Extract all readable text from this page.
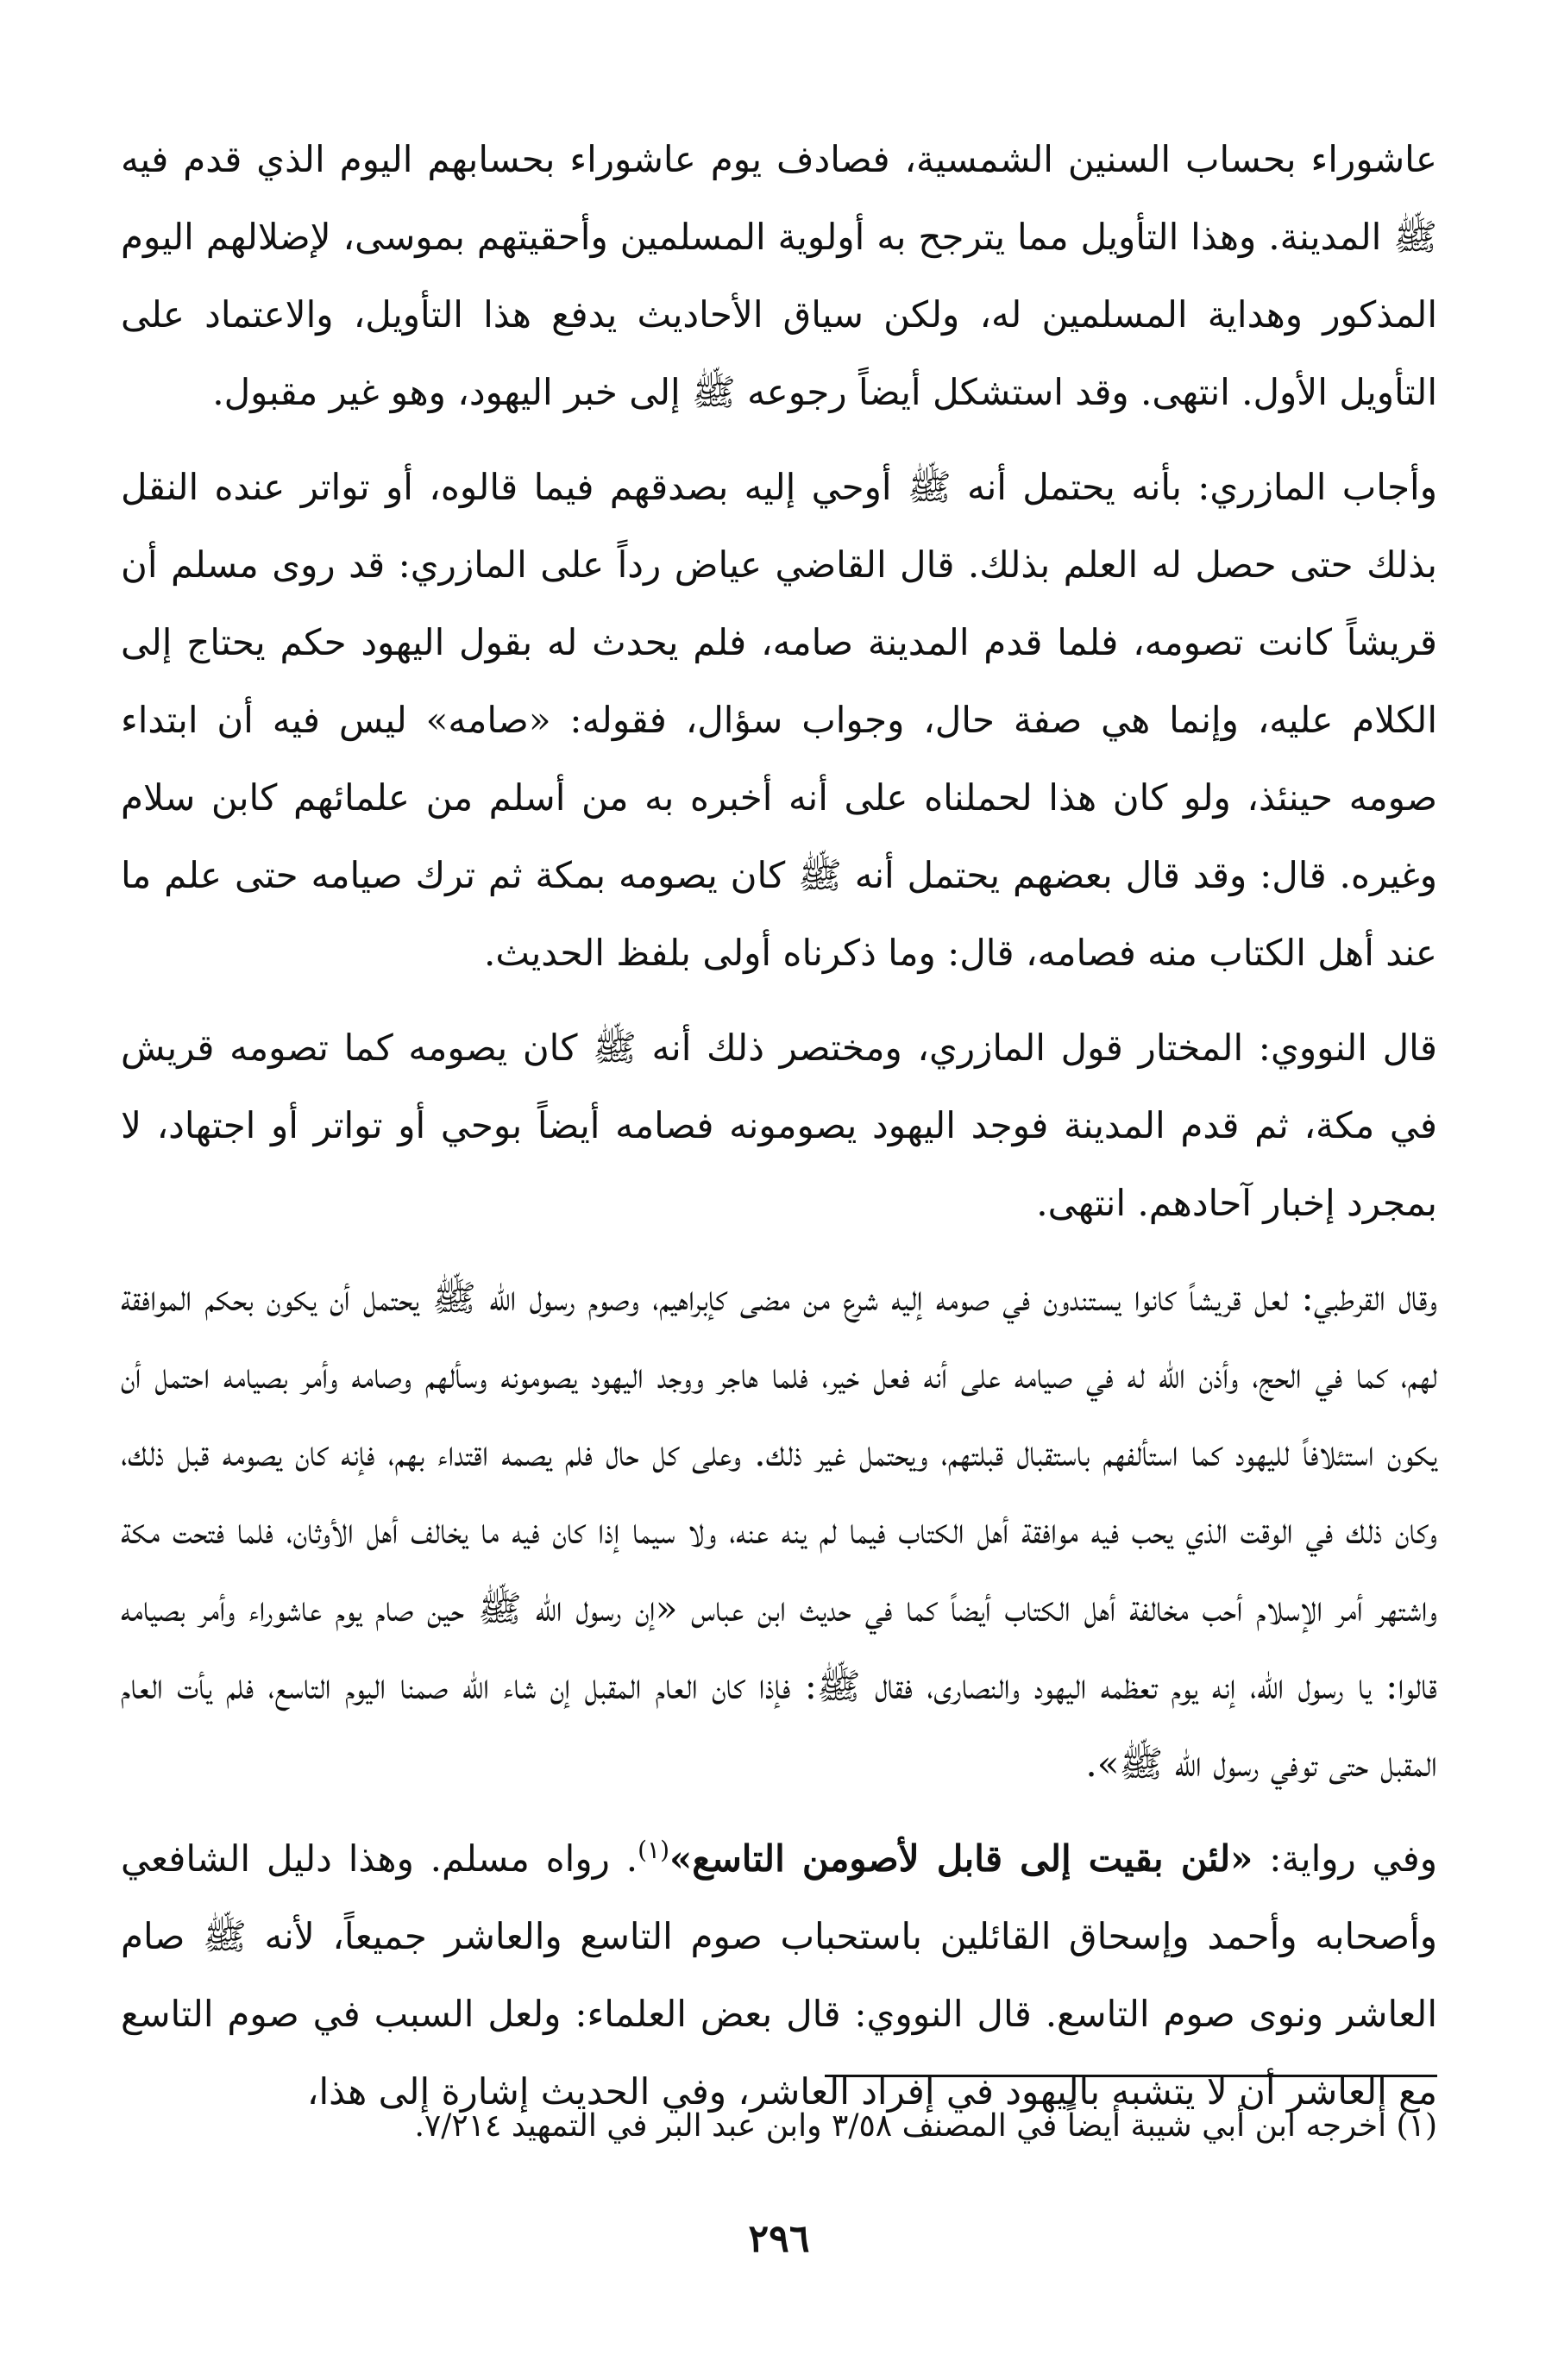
عاشوراء بحساب السنين الشمسية، فصادف يوم عاشوراء بحسابهم اليوم الذي قدم فيه ﷺ المدينة. وهذا التأويل مما يترجح به أولوية المسلمين وأحقيتهم بموسى، لإضلالهم اليوم المذكور وهداية المسلمين له، ولكن سياق الأحاديث يدفع هذا التأويل، والاعتماد على التأويل الأول. انتهى. وقد استشكل أيضاً رجوعه ﷺ إلى خبر اليهود، وهو غير مقبول.

وأجاب المازري: بأنه يحتمل أنه ﷺ أوحي إليه بصدقهم فيما قالوه، أو تواتر عنده النقل بذلك حتى حصل له العلم بذلك. قال القاضي عياض رداً على المازري: قد روى مسلم أن قريشاً كانت تصومه، فلما قدم المدينة صامه، فلم يحدث له بقول اليهود حكم يحتاج إلى الكلام عليه، وإنما هي صفة حال، وجواب سؤال، فقوله: «صامه» ليس فيه أن ابتداء صومه حينئذ، ولو كان هذا لحملناه على أنه أخبره به من أسلم من علمائهم كابن سلام وغيره. قال: وقد قال بعضهم يحتمل أنه ﷺ كان يصومه بمكة ثم ترك صيامه حتى علم ما عند أهل الكتاب منه فصامه، قال: وما ذكرناه أولى بلفظ الحديث.

قال النووي: المختار قول المازري، ومختصر ذلك أنه ﷺ كان يصومه كما تصومه قريش في مكة، ثم قدم المدينة فوجد اليهود يصومونه فصامه أيضاً بوحي أو تواتر أو اجتهاد، لا بمجرد إخبار آحادهم. انتهى.

وقال القرطبي: لعل قريشاً كانوا يستندون في صومه إليه شرع من مضى كإبراهيم، وصوم رسول الله ﷺ يحتمل أن يكون بحكم الموافقة لهم، كما في الحج، وأذن الله له في صيامه على أنه فعل خير، فلما هاجر ووجد اليهود يصومونه وسألهم وصامه وأمر بصيامه احتمل أن يكون استئلافاً لليهود كما استألفهم باستقبال قبلتهم، ويحتمل غير ذلك. وعلى كل حال فلم يصمه اقتداء بهم، فإنه كان يصومه قبل ذلك، وكان ذلك في الوقت الذي يحب فيه موافقة أهل الكتاب فيما لم ينه عنه، ولا سيما إذا كان فيه ما يخالف أهل الأوثان، فلما فتحت مكة واشتهر أمر الإسلام أحب مخالفة أهل الكتاب أيضاً كما في حديث ابن عباس «إن رسول الله ﷺ حين صام يوم عاشوراء وأمر بصيامه قالوا: يا رسول الله، إنه يوم تعظمه اليهود والنصارى، فقال ﷺ: فإذا كان العام المقبل إن شاء الله صمنا اليوم التاسع، فلم يأت العام المقبل حتى توفي رسول الله ﷺ».

وفي رواية: «لئن بقيت إلى قابل لأصومن التاسع»$^{(١)}$. رواه مسلم. وهذا دليل الشافعي وأصحابه وأحمد وإسحاق القائلين باستحباب صوم التاسع والعاشر جميعاً، لأنه ﷺ صام العاشر ونوى صوم التاسع. قال النووي: قال بعض العلماء: ولعل السبب في صوم التاسع مع العاشر أن لا يتشبه باليهود في إفراد العاشر، وفي الحديث إشارة إلى هذا،

(١) أخرجه ابن أبي شيبة أيضاً في المصنف ٣/٥٨ وابن عبد البر في التمهيد ٧/٢١٤.
٢٩٦
